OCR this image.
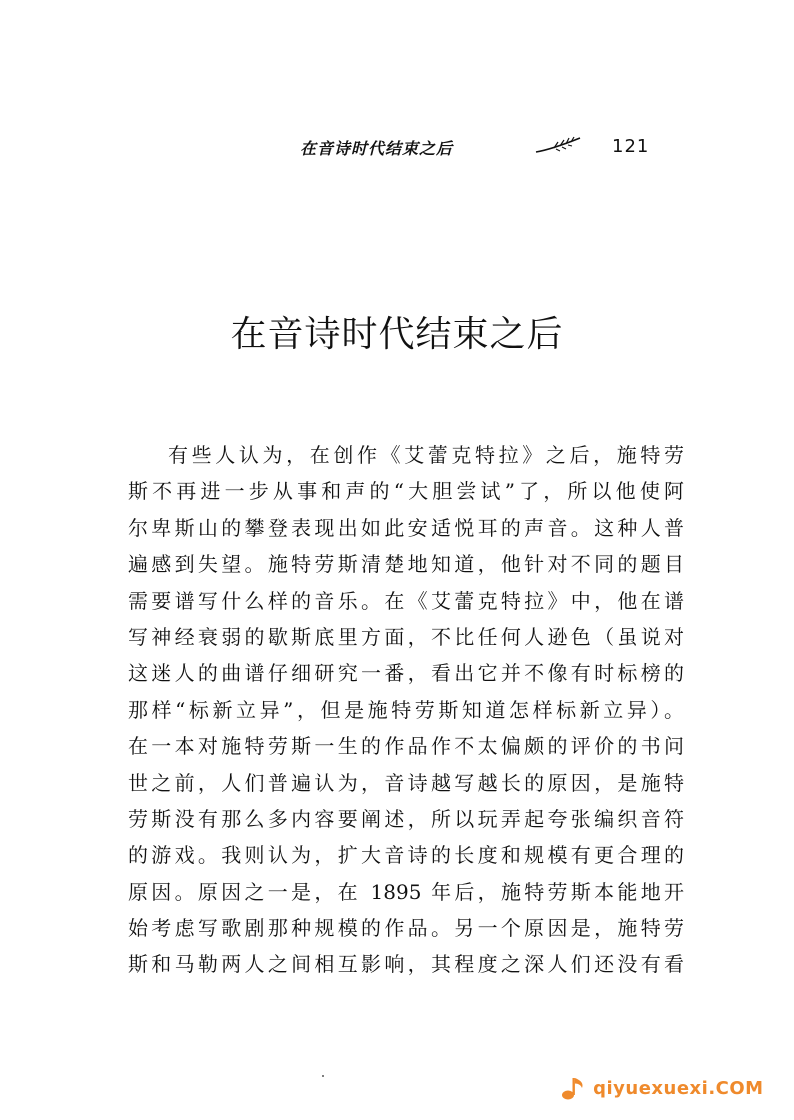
在音诗时代结束之后	121
在音诗时代结束之后
有些人认为，在创作《艾蕾克特拉》之后，施特劳
斯不再进一步从事和声的“大胆尝试”了，所以他使阿
尔卑斯山的攀登表现出如此安适悦耳的声音。这种人普
遍感到失望。施特劳斯清楚地知道，他针对不同的题目
需要谱写什么样的音乐。在《艾蕾克特拉》中，他在谱
写神经衰弱的歇斯底里方面，不比任何人逊色（虽说对
这迷人的曲谱仔细研究一番，看出它并不像有时标榜的
那样“标新立异”，但是施特劳斯知道怎样标新立异）。
在一本对施特劳斯一生的作品作不太偏颇的评价的书问
世之前，人们普遍认为，音诗越写越长的原因，是施特
劳斯没有那么多内容要阐述，所以玩弄起夸张编织音符
的游戏。我则认为，扩大音诗的长度和规模有更合理的
原因。原因之一是，在 1895 年后，施特劳斯本能地开
始考虑写歌剧那种规模的作品。另一个原因是，施特劳
斯和马勒两人之间相互影响，其程度之深人们还没有看
qiyuexuexi.COM
